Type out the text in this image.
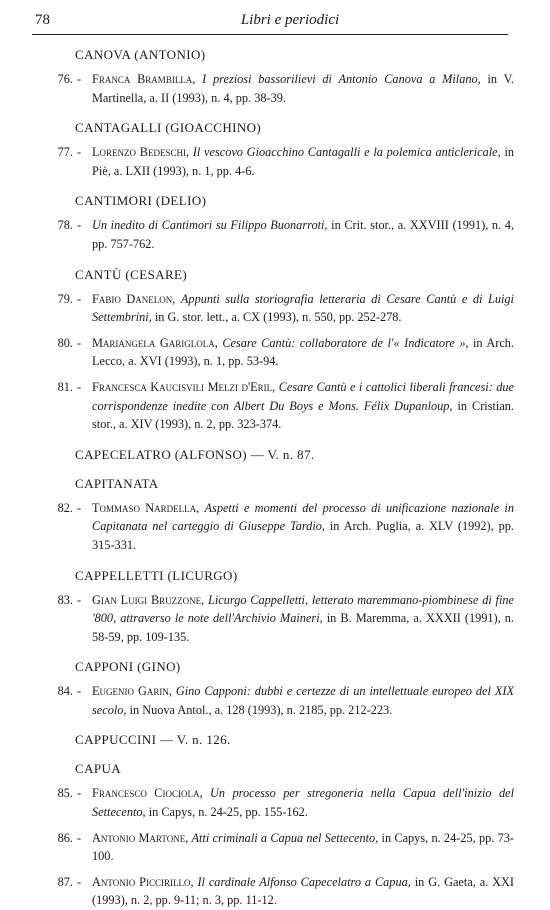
78	Libri e periodici
CANOVA (ANTONIO)
76. - Franca Brambilla, I preziosi bassorilievi di Antonio Canova a Milano, in V. Martinella, a. II (1993), n. 4, pp. 38-39.
CANTAGALLI (GIOACCHINO)
77. - Lorenzo Bedeschi, Il vescovo Gioacchino Cantagalli e la polemica anticlericale, in Piè, a. LXII (1993), n. 1, pp. 4-6.
CANTIMORI (DELIO)
78. - Un inedito di Cantimori su Filippo Buonarroti, in Crit. stor., a. XXVIII (1991), n. 4, pp. 757-762.
CANTÙ (CESARE)
79. - Fabio Danelon, Appunti sulla storiografia letteraria di Cesare Cantù e di Luigi Settembrini, in G. stor. lett., a. CX (1993), n. 550, pp. 252-278.
80. - Mariangela Gariglola, Cesare Cantù: collaboratore de l'« Indicatore », in Arch. Lecco, a. XVI (1993), n. 1, pp. 53-94.
81. - Francesca Kaucisvili Melzi d'Eril, Cesare Cantù e i cattolici liberali francesi: due corrispondenze inedite con Albert Du Boys e Mons. Félix Dupanloup, in Cristian. stor., a. XIV (1993), n. 2, pp. 323-374.
CAPECELATRO (ALFONSO) — V. n. 87.
CAPITANATA
82. - Tommaso Nardella, Aspetti e momenti del processo di unificazione nazionale in Capitanata nel carteggio di Giuseppe Tardio, in Arch. Puglia, a. XLV (1992), pp. 315-331.
CAPPELLETTI (LICURGO)
83. - Gian Luigi Bruzzone, Licurgo Cappelletti, letterato maremmano-piombinese di fine '800, attraverso le note dell'Archivio Maineri, in B. Maremma, a. XXXII (1991), n. 58-59, pp. 109-135.
CAPPONI (GINO)
84. - Eugenio Garin, Gino Capponi: dubbi e certezze di un intellettuale europeo del XIX secolo, in Nuova Antol., a. 128 (1993), n. 2185, pp. 212-223.
CAPPUCCINI — V. n. 126.
CAPUA
85. - Francesco Ciociola, Un processo per stregoneria nella Capua dell'inizio del Settecento, in Capys, n. 24-25, pp. 155-162.
86. - Antonio Martone, Atti criminali a Capua nel Settecento, in Capys, n. 24-25, pp. 73-100.
87. - Antonio Piccirillo, Il cardinale Alfonso Capecelatro a Capua, in G. Gaeta, a. XXI (1993), n. 2, pp. 9-11; n. 3, pp. 11-12.
